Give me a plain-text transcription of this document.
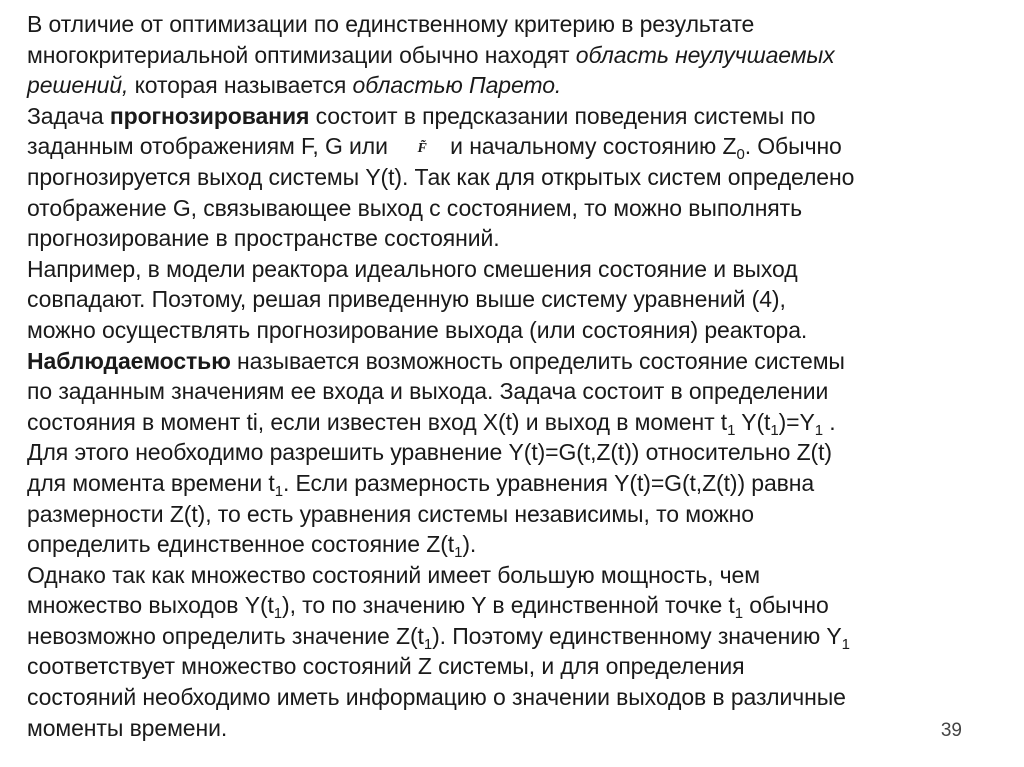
В отличие от оптимизации по единственному критерию в результате
многокритериальной оптимизации обычно находят область неулучшаемых
решений, которая называется областью Парето.
Задача прогнозирования состоит в предсказании поведения системы по
заданным отображениям F, G или F̃ и начальному состоянию $Z_0$. Обычно
прогнозируется выход системы Y(t). Так как для открытых систем определено
отображение G, связывающее выход с состоянием, то можно выполнять
прогнозирование в пространстве состояний.
Например, в модели реактора идеального смешения состояние и выход
совпадают. Поэтому, решая приведенную выше систему уравнений (4),
можно осуществлять прогнозирование выхода (или состояния) реактора.
Наблюдаемостью называется возможность определить состояние системы
по заданным значениям ее входа и выхода. Задача состоит в определении
состояния в момент ti, если известен вход X(t) и выход в момент $t_1$ $Y(t_1)=Y_1$ .
Для этого необходимо разрешить уравнение Y(t)=G(t,Z(t)) относительно Z(t)
для момента времени $t_1$. Если размерность уравнения Y(t)=G(t,Z(t)) равна
размерности Z(t), то есть уравнения системы независимы, то можно
определить единственное состояние $Z(t_1)$.
Однако так как множество состояний имеет большую мощность, чем
множество выходов $Y(t_1)$, то по значению Y в единственной точке $t_1$ обычно
невозможно определить значение $Z(t_1)$. Поэтому единственному значению $Y_1$
соответствует множество состояний Z системы, и для определения
состояний необходимо иметь информацию о значении выходов в различные
моменты времени.	39
